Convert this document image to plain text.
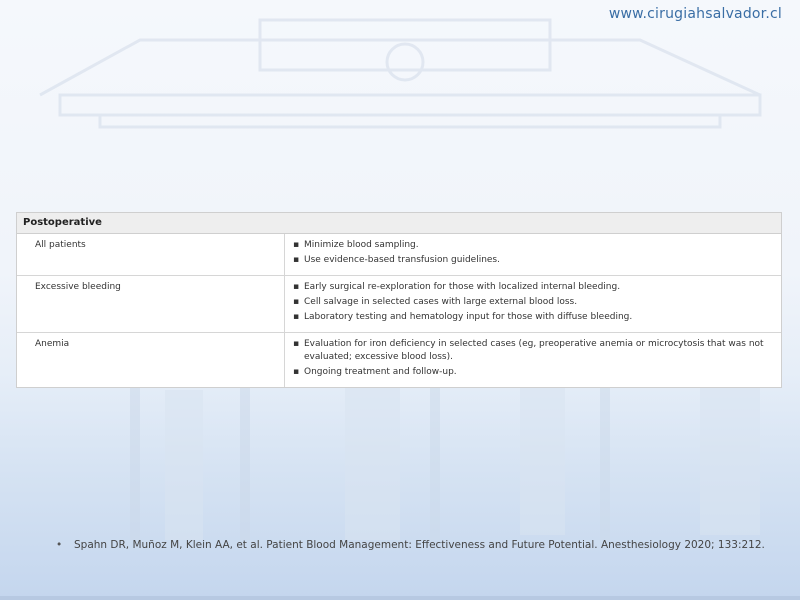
www.cirugiahsalvador.cl
Postoperative
All patients	▪ Minimize blood sampling.
▪ Use evidence-based transfusion guidelines.
Excessive bleeding	▪ Early surgical re-exploration for those with localized internal bleeding.
▪ Cell salvage in selected cases with large external blood loss.
▪ Laboratory testing and hematology input for those with diffuse bleeding.
Anemia	▪ Evaluation for iron deficiency in selected cases (eg, preoperative anemia or microcytosis that was not evaluated; excessive blood loss).
▪ Ongoing treatment and follow-up.
• Spahn DR, Muñoz M, Klein AA, et al. Patient Blood Management: Effectiveness and Future Potential. Anesthesiology 2020; 133:212.
